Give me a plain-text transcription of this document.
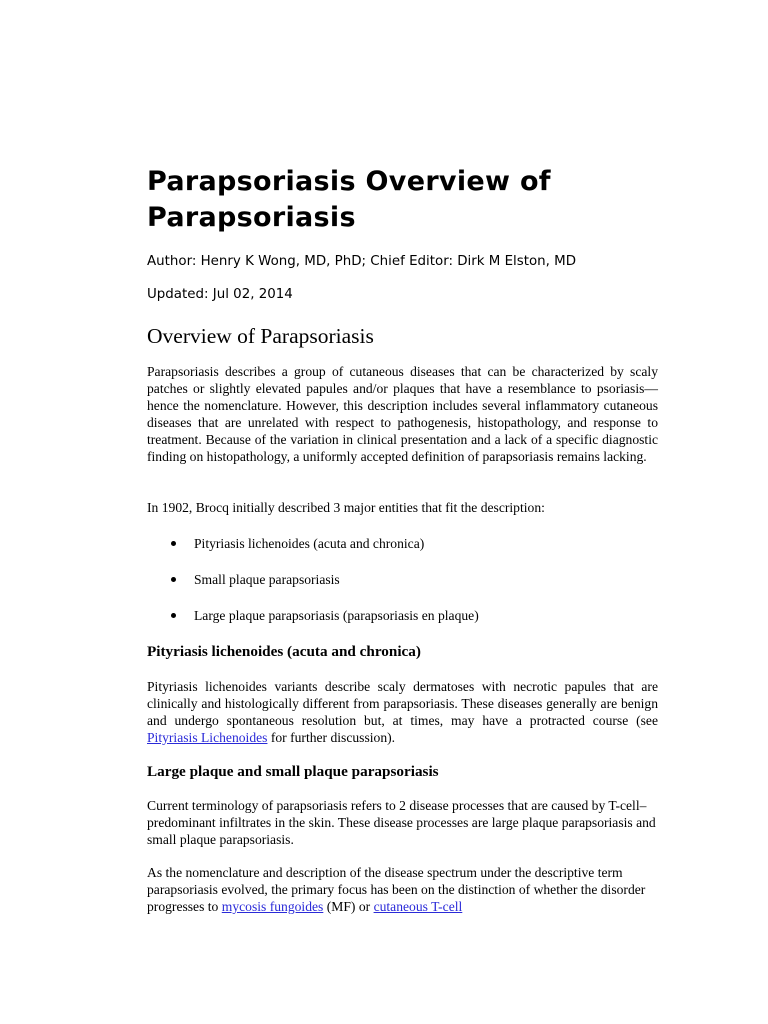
Parapsoriasis Overview of Parapsoriasis

Author: Henry K Wong, MD, PhD; Chief Editor: Dirk M Elston, MD

Updated: Jul 02, 2014

Overview of Parapsoriasis

Parapsoriasis describes a group of cutaneous diseases that can be characterized by scaly patches or slightly elevated papules and/or plaques that have a resemblance to psoriasis—hence the nomenclature. However, this description includes several inflammatory cutaneous diseases that are unrelated with respect to pathogenesis, histopathology, and response to treatment. Because of the variation in clinical presentation and a lack of a specific diagnostic finding on histopathology, a uniformly accepted definition of parapsoriasis remains lacking.

In 1902, Brocq initially described 3 major entities that fit the description:

Pityriasis lichenoides (acuta and chronica)
Small plaque parapsoriasis
Large plaque parapsoriasis (parapsoriasis en plaque)
Pityriasis lichenoides (acuta and chronica)

Pityriasis lichenoides variants describe scaly dermatoses with necrotic papules that are clinically and histologically different from parapsoriasis. These diseases generally are benign and undergo spontaneous resolution but, at times, may have a protracted course (see Pityriasis Lichenoides for further discussion).

Large plaque and small plaque parapsoriasis

Current terminology of parapsoriasis refers to 2 disease processes that are caused by T-cell–predominant infiltrates in the skin. These disease processes are large plaque parapsoriasis and small plaque parapsoriasis.

As the nomenclature and description of the disease spectrum under the descriptive term parapsoriasis evolved, the primary focus has been on the distinction of whether the disorder progresses to mycosis fungoides (MF) or cutaneous T-cell
